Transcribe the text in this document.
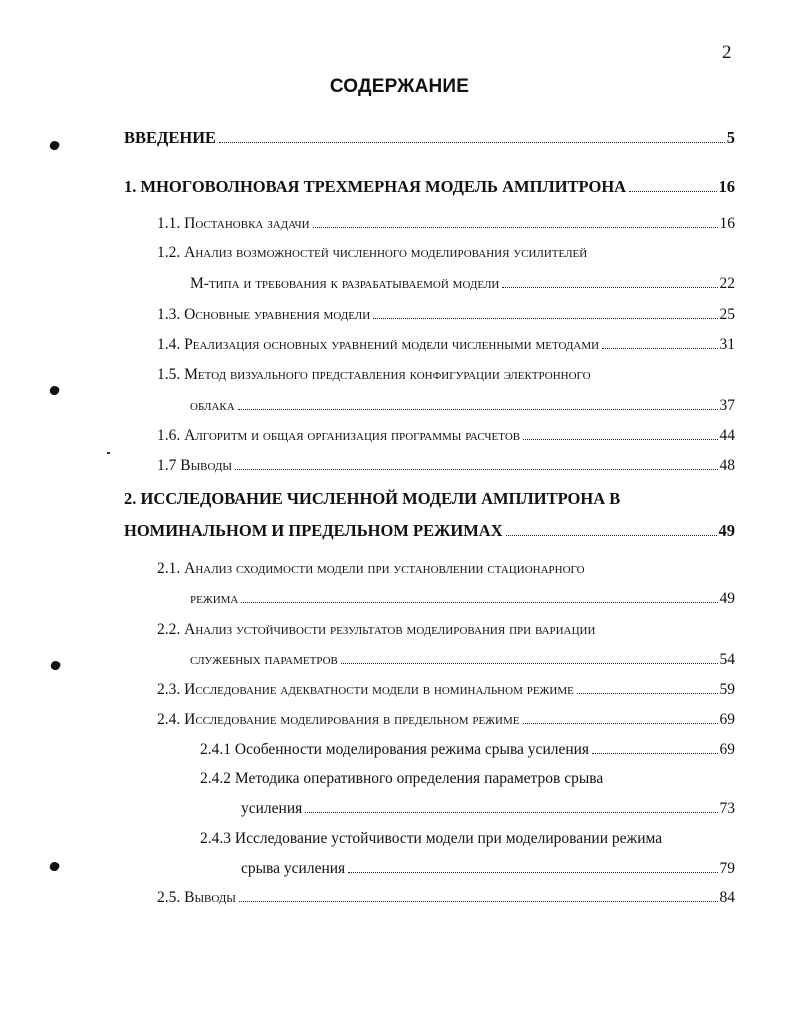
2
СОДЕРЖАНИЕ
ВВЕДЕНИЕ	5
1. МНОГОВОЛНОВАЯ ТРЕХМЕРНАЯ МОДЕЛЬ АМПЛИТРОНА	16
1.1. Постановка задачи	16
1.2. Анализ возможностей численного моделирования усилителей
М-типа и требования к разрабатываемой модели	22
1.3. Основные уравнения модели	25
1.4. Реализация основных уравнений модели численными методами	31
1.5. Метод визуального представления конфигурации электронного
облака	37
1.6. Алгоритм и общая организация программы расчетов	44
1.7 Выводы	48
2. ИССЛЕДОВАНИЕ ЧИСЛЕННОЙ МОДЕЛИ АМПЛИТРОНА В
НОМИНАЛЬНОМ И ПРЕДЕЛЬНОМ РЕЖИМАХ	49
2.1. Анализ сходимости модели при установлении стационарного
режима	49
2.2. Анализ устойчивости результатов моделирования при вариации
служебных параметров	54
2.3. Исследование адекватности модели в номинальном режиме	59
2.4. Исследование моделирования в предельном режиме	69
2.4.1 Особенности моделирования режима срыва усиления	69
2.4.2 Методика оперативного определения параметров срыва
усиления	73
2.4.3 Исследование устойчивости модели при моделировании режима
срыва усиления	79
2.5. Выводы	84
